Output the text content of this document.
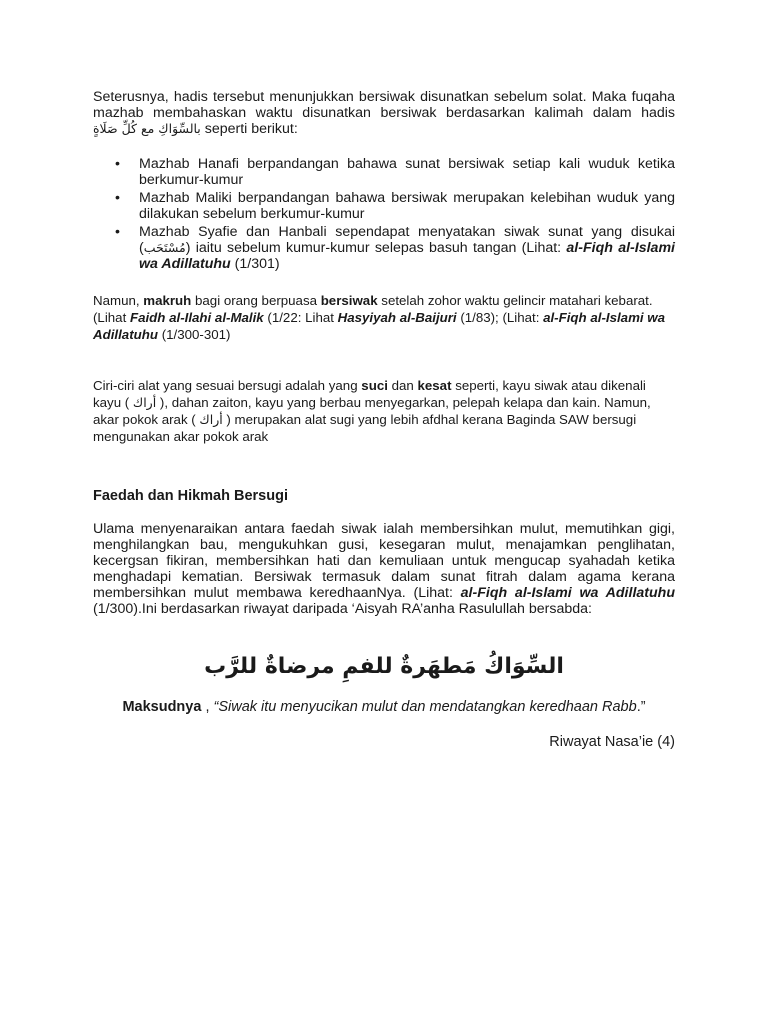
Seterusnya, hadis tersebut menunjukkan bersiwak disunatkan sebelum solat. Maka fuqaha mazhab membahaskan waktu disunatkan bersiwak berdasarkan kalimah dalam hadis بالسِّوَاكِ مع كُلِّ صَلَاةٍ seperti berikut:

• Mazhab Hanafi berpandangan bahawa sunat bersiwak setiap kali wuduk ketika berkumur-kumur
• Mazhab Maliki berpandangan bahawa bersiwak merupakan kelebihan wuduk yang dilakukan sebelum berkumur-kumur
• Mazhab Syafie dan Hanbali sependapat menyatakan siwak sunat yang disukai (مُسْتَحَب) iaitu sebelum kumur-kumur selepas basuh tangan (Lihat: al-Fiqh al-Islami wa Adillatuhu (1/301)

Namun, makruh bagi orang berpuasa bersiwak setelah zohor waktu gelincir matahari kebarat. (Lihat Faidh al-Ilahi al-Malik (1/22: Lihat Hasyiyah al-Baijuri (1/83); (Lihat: al-Fiqh al-Islami wa Adillatuhu (1/300-301)

Ciri-ciri alat yang sesuai bersugi adalah yang suci dan kesat seperti, kayu siwak atau dikenali kayu ( أراك ), dahan zaiton, kayu yang berbau menyegarkan, pelepah kelapa dan kain. Namun, akar pokok arak ( أراك ) merupakan alat sugi yang lebih afdhal kerana Baginda SAW bersugi mengunakan akar pokok arak

Faedah dan Hikmah Bersugi

Ulama menyenaraikan antara faedah siwak ialah membersihkan mulut, memutihkan gigi, menghilangkan bau, mengukuhkan gusi, kesegaran mulut, menajamkan penglihatan, kecergsan fikiran, membersihkan hati dan kemuliaan untuk mengucap syahadah ketika menghadapi kematian. Bersiwak termasuk dalam sunat fitrah dalam agama kerana membersihkan mulut membawa keredhaanNya. (Lihat: al-Fiqh al-Islami wa Adillatuhu (1/300).Ini berdasarkan riwayat daripada ‘Aisyah RA’anha Rasulullah bersabda:

السِّوَاكُ مَطهَرةٌ للفمِ مرضاةٌ للرَّب
Maksudnya , “Siwak itu menyucikan mulut dan mendatangkan keredhaan Rabb.”
Riwayat Nasa’ie (4)
